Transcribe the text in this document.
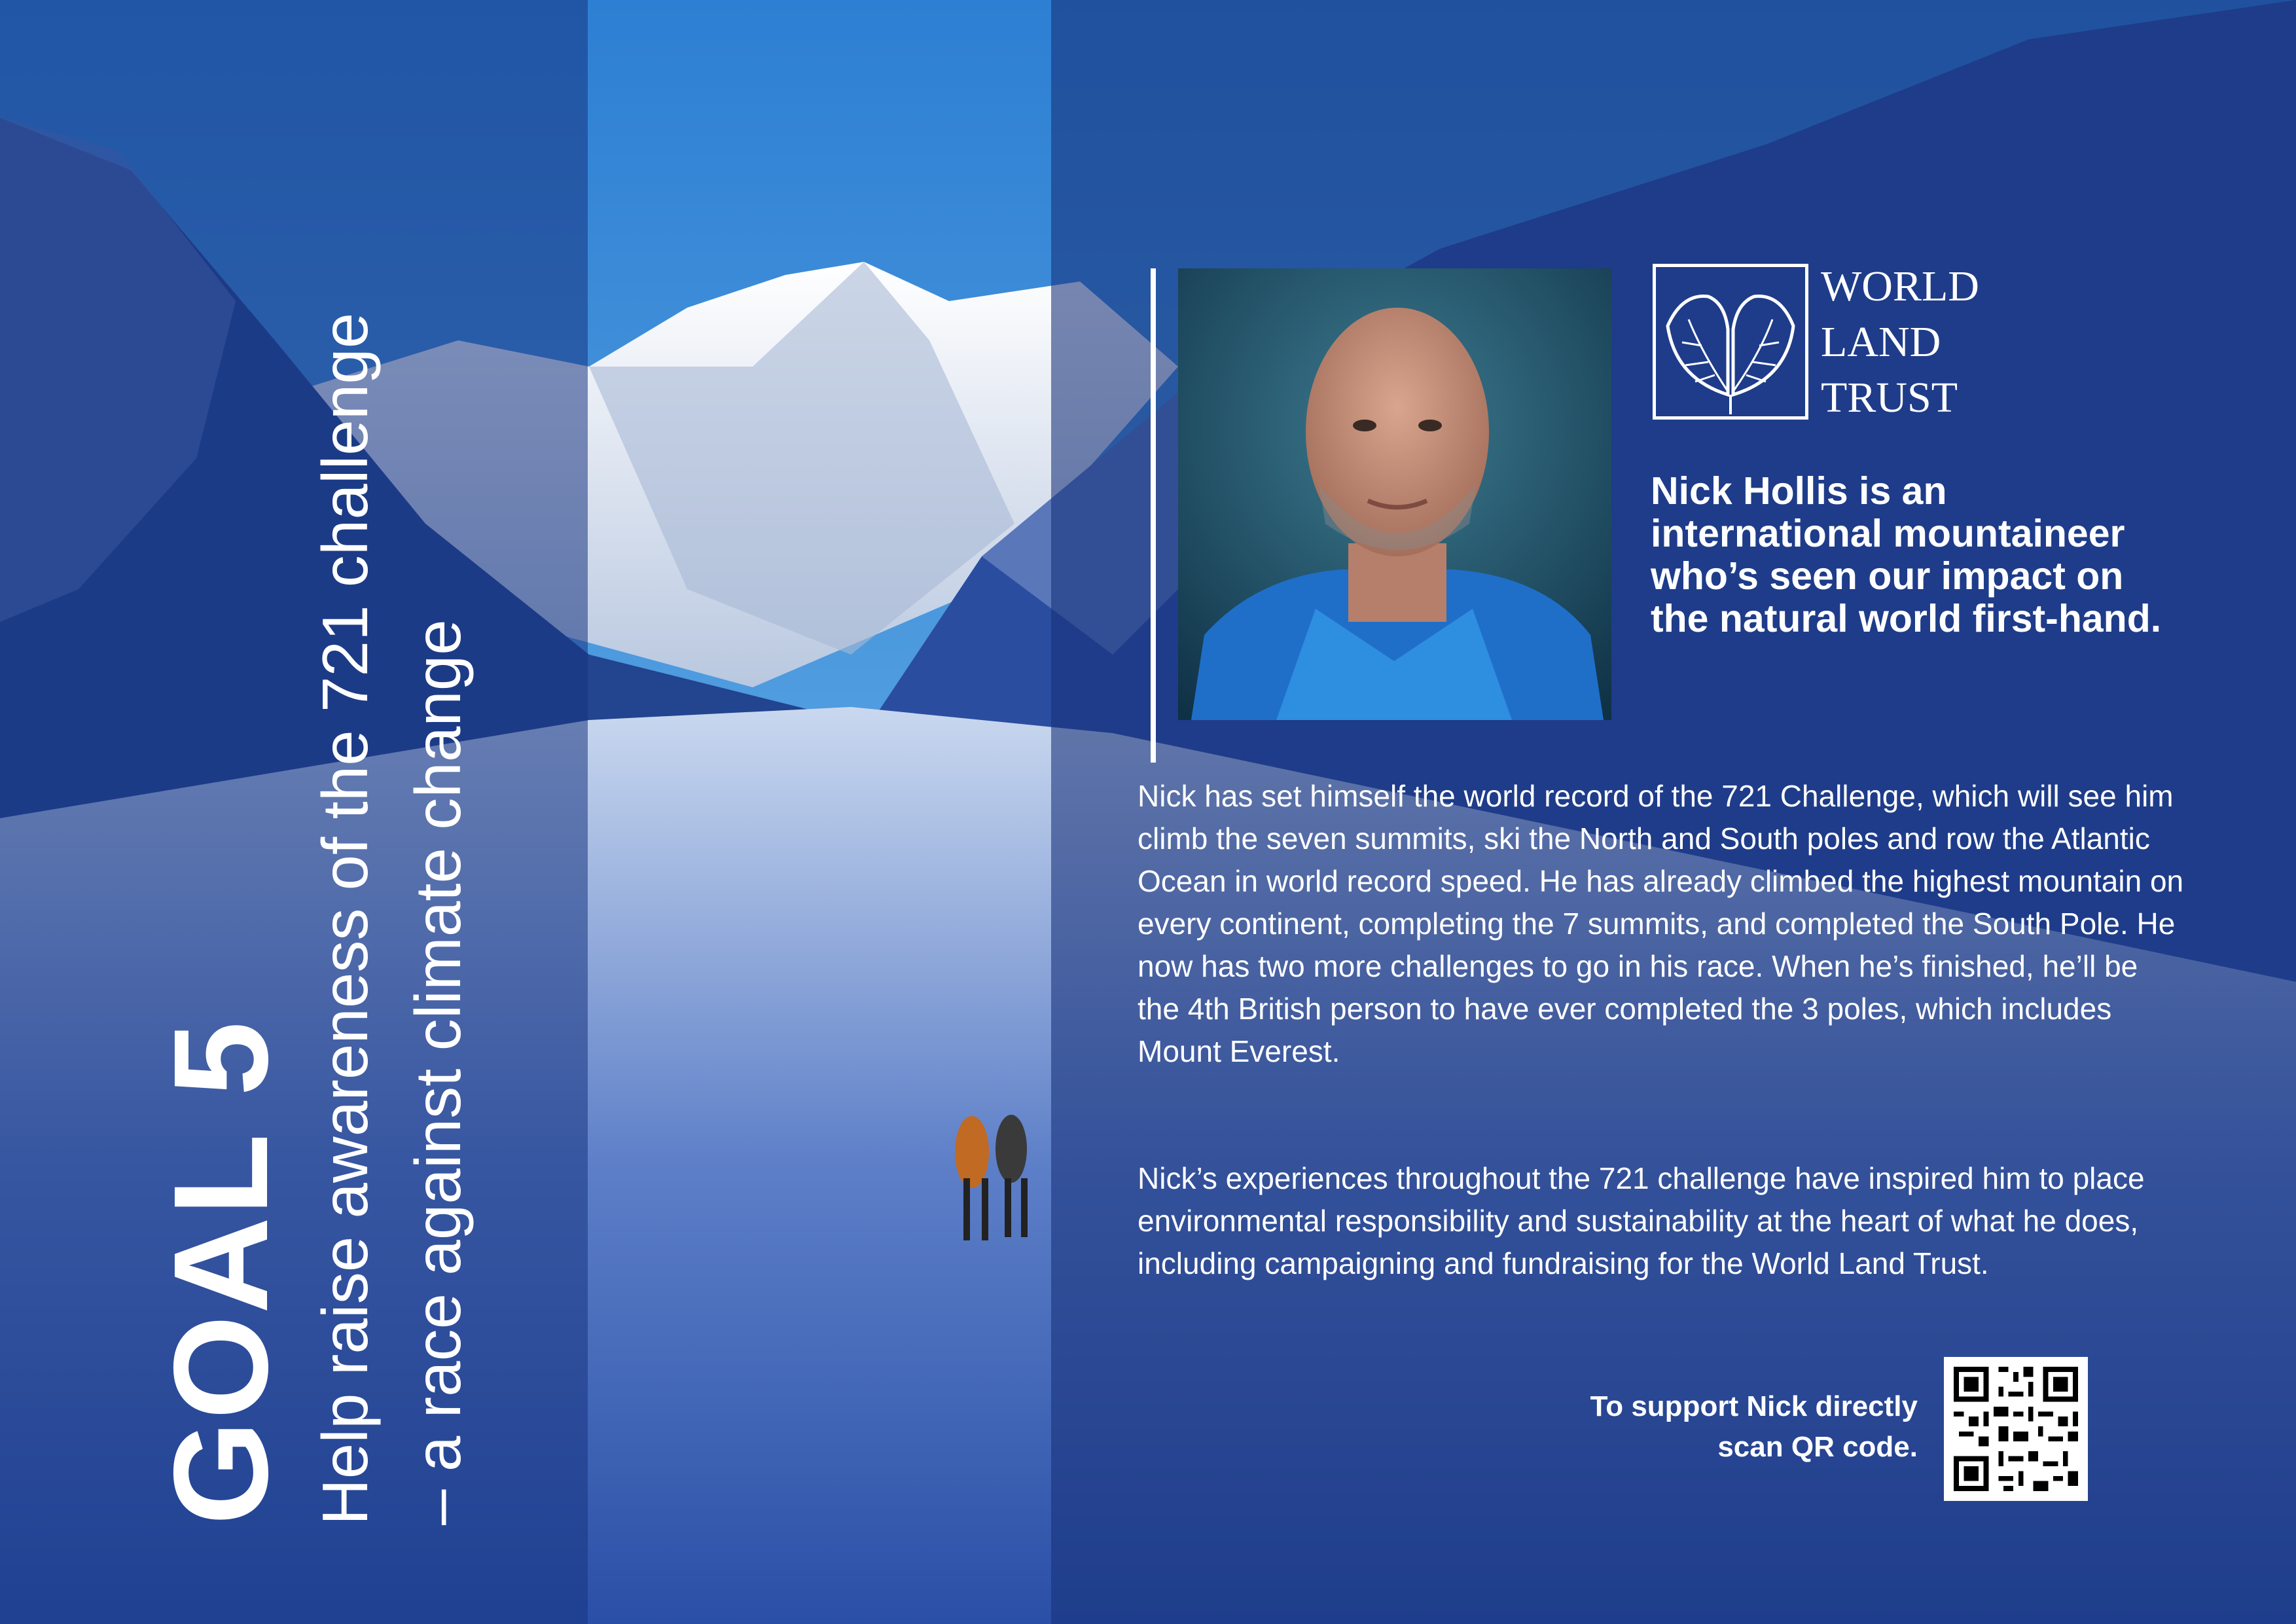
GOAL 5 Help raise awareness of the 721 challenge – a race against climate change
WORLD
LAND
TRUST

Nick Hollis is an international mountaineer who’s seen our impact on the natural world first-hand.

Nick has set himself the world record of the 721 Challenge, which will see him climb the seven summits, ski the North and South poles and row the Atlantic Ocean in world record speed. He has already climbed the highest mountain on every continent, completing the 7 summits, and completed the South Pole. He now has two more challenges to go in his race. When he’s finished, he’ll be the 4th British person to have ever completed the 3 poles, which includes Mount Everest.

Nick’s experiences throughout the 721 challenge have inspired him to place environmental responsibility and sustainability at the heart of what he does, including campaigning and fundraising for the World Land Trust.

To support Nick directly
scan QR code.
